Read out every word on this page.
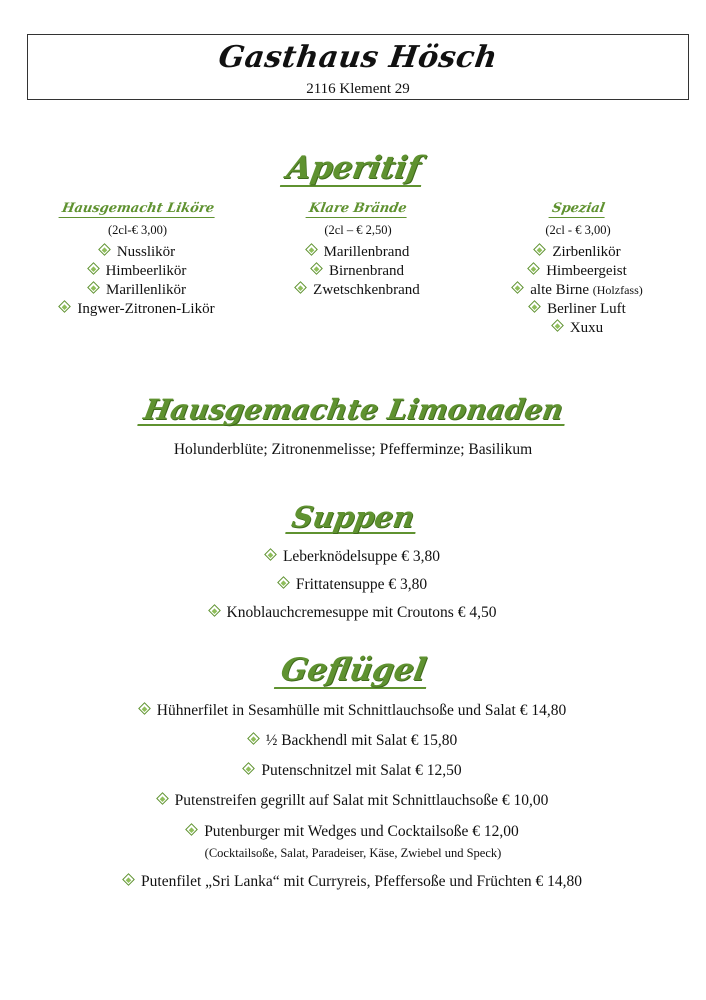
Gasthaus Hösch
2116 Klement 29
Aperitif
Hausgemacht Liköre
(2cl-€ 3,00)
Nusslikör
Himbeerlikör
Marillenlikör
Ingwer-Zitronen-Likör
Klare Brände
(2cl – € 2,50)
Marillenbrand
Birnenbrand
Zwetschkenbrand
Spezial
(2cl - € 3,00)
Zirbenlikör
Himbeergeist
alte Birne (Holzfass)
Berliner Luft
Xuxu
Hausgemachte Limonaden
Holunderblüte; Zitronenmelisse; Pfefferminze; Basilikum
Suppen
Leberknödelsuppe € 3,80
Frittatensuppe € 3,80
Knoblauchcremesuppe mit Croutons € 4,50
Geflügel
Hühnerfilet in Sesamhülle mit Schnittlauchsoße und Salat € 14,80
½ Backhendl mit Salat € 15,80
Putenschnitzel mit Salat € 12,50
Putenstreifen gegrillt auf Salat mit Schnittlauchsoße € 10,00
Putenburger mit Wedges und Cocktailsoße € 12,00
(Cocktailsoße, Salat, Paradeiser, Käse, Zwiebel und Speck)
Putenfilet „Sri Lanka“ mit Curryreis, Pfeffersoße und Früchten € 14,80
